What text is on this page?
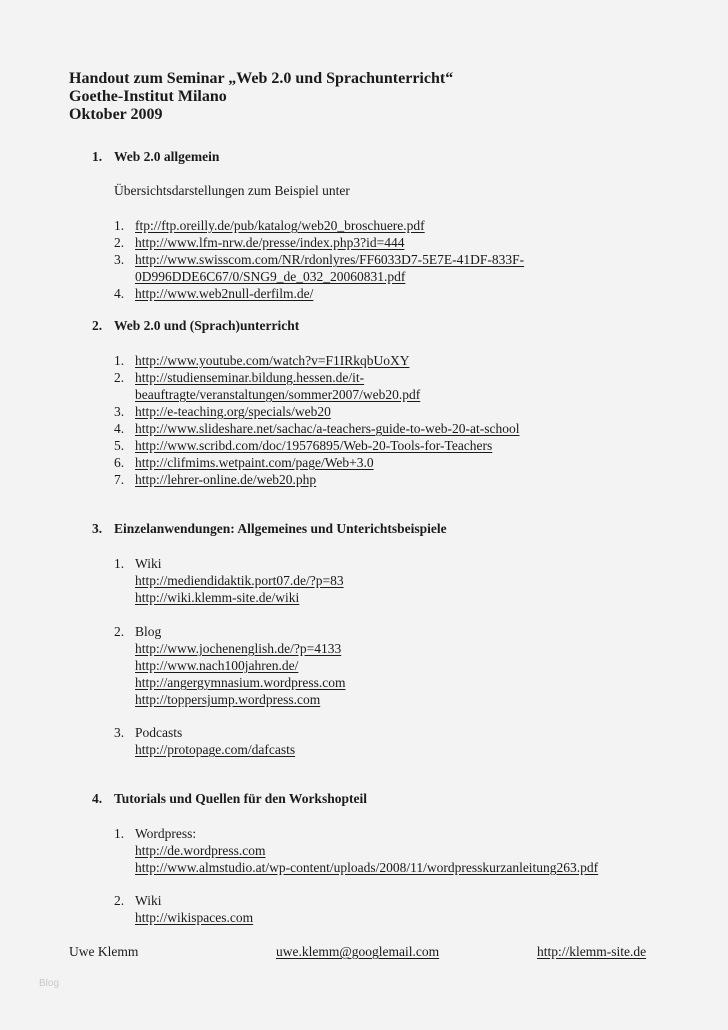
Handout zum Seminar „Web 2.0 und Sprachunterricht“
Goethe-Institut Milano
Oktober 2009
1. Web 2.0 allgemein
Übersichtsdarstellungen zum Beispiel unter
1. ftp://ftp.oreilly.de/pub/katalog/web20_broschuere.pdf
2. http://www.lfm-nrw.de/presse/index.php3?id=444
3. http://www.swisscom.com/NR/rdonlyres/FF6033D7-5E7E-41DF-833F-
0D996DDE6C67/0/SNG9_de_032_20060831.pdf
4. http://www.web2null-derfilm.de/
2. Web 2.0 und (Sprach)unterricht
1. http://www.youtube.com/watch?v=F1IRkqbUoXY
2. http://studienseminar.bildung.hessen.de/it-
beauftragte/veranstaltungen/sommer2007/web20.pdf
3. http://e-teaching.org/specials/web20
4. http://www.slideshare.net/sachac/a-teachers-guide-to-web-20-at-school
5. http://www.scribd.com/doc/19576895/Web-20-Tools-for-Teachers
6. http://clifmims.wetpaint.com/page/Web+3.0
7. http://lehrer-online.de/web20.php
3. Einzelanwendungen: Allgemeines und Unterichtsbeispiele
1. Wiki
http://mediendidaktik.port07.de/?p=83
http://wiki.klemm-site.de/wiki
2. Blog
http://www.jochenenglish.de/?p=4133
http://www.nach100jahren.de/
http://angergymnasium.wordpress.com
http://toppersjump.wordpress.com
3. Podcasts
http://protopage.com/dafcasts
4. Tutorials und Quellen für den Workshopteil
1. Wordpress:
http://de.wordpress.com
http://www.almstudio.at/wp-content/uploads/2008/11/wordpresskurzanleitung263.pdf
2. Wiki
http://wikispaces.com
Uwe Klemm	uwe.klemm@googlemail.com	http://klemm-site.de
Blog
